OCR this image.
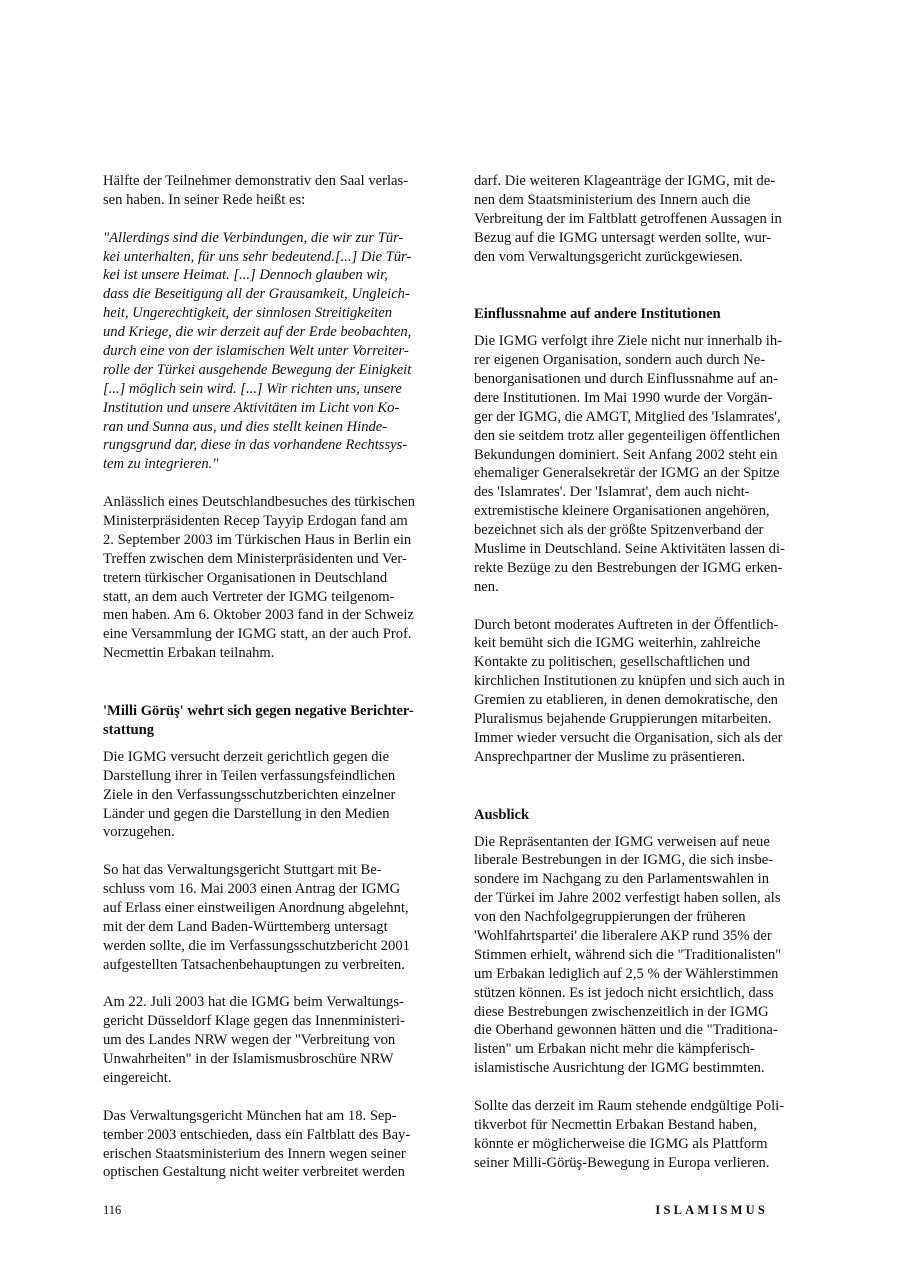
Hälfte der Teilnehmer demonstrativ den Saal verlas-
sen haben. In seiner Rede heißt es:
"Allerdings sind die Verbindungen, die wir zur Tür-
kei unterhalten, für uns sehr bedeutend.[...] Die Tür-
kei ist unsere Heimat. [...] Dennoch glauben wir,
dass die Beseitigung all der Grausamkeit, Ungleich-
heit, Ungerechtigkeit, der sinnlosen Streitigkeiten
und Kriege, die wir derzeit auf der Erde beobachten,
durch eine von der islamischen Welt unter Vorreiter-
rolle der Türkei ausgehende Bewegung der Einigkeit
[...] möglich sein wird. [...] Wir richten uns, unsere
Institution und unsere Aktivitäten im Licht von Ko-
ran und Sunna aus, und dies stellt keinen Hinde-
rungsgrund dar, diese in das vorhandene Rechtssys-
tem zu integrieren."
Anlässlich eines Deutschlandbesuches des türkischen
Ministerpräsidenten Recep Tayyip Erdogan fand am
2. September 2003 im Türkischen Haus in Berlin ein
Treffen zwischen dem Ministerpräsidenten und Ver-
tretern türkischer Organisationen in Deutschland
statt, an dem auch Vertreter der IGMG teilgenom-
men haben. Am 6. Oktober 2003 fand in der Schweiz
eine Versammlung der IGMG statt, an der auch Prof.
Necmettin Erbakan teilnahm.
'Milli Görüş' wehrt sich gegen negative Berichter-
stattung
Die IGMG versucht derzeit gerichtlich gegen die
Darstellung ihrer in Teilen verfassungsfeindlichen
Ziele in den Verfassungsschutzberichten einzelner
Länder und gegen die Darstellung in den Medien
vorzugehen.
So hat das Verwaltungsgericht Stuttgart mit Be-
schluss vom 16. Mai 2003 einen Antrag der IGMG
auf Erlass einer einstweiligen Anordnung abgelehnt,
mit der dem Land Baden-Württemberg untersagt
werden sollte, die im Verfassungsschutzbericht 2001
aufgestellten Tatsachenbehauptungen zu verbreiten.
Am 22. Juli 2003 hat die IGMG beim Verwaltungs-
gericht Düsseldorf Klage gegen das Innenministeri-
um des Landes NRW wegen der "Verbreitung von
Unwahrheiten" in der Islamismusbroschüre NRW
eingereicht.
Das Verwaltungsgericht München hat am 18. Sep-
tember 2003 entschieden, dass ein Faltblatt des Bay-
erischen Staatsministerium des Innern wegen seiner
optischen Gestaltung nicht weiter verbreitet werden
darf. Die weiteren Klageanträge der IGMG, mit de-
nen dem Staatsministerium des Innern auch die
Verbreitung der im Faltblatt getroffenen Aussagen in
Bezug auf die IGMG untersagt werden sollte, wur-
den vom Verwaltungsgericht zurückgewiesen.
Einflussnahme auf andere Institutionen
Die IGMG verfolgt ihre Ziele nicht nur innerhalb ih-
rer eigenen Organisation, sondern auch durch Ne-
benorganisationen und durch Einflussnahme auf an-
dere Institutionen. Im Mai 1990 wurde der Vorgän-
ger der IGMG, die AMGT, Mitglied des 'Islamrates',
den sie seitdem trotz aller gegenteiligen öffentlichen
Bekundungen dominiert. Seit Anfang 2002 steht ein
ehemaliger Generalsekretär der IGMG an der Spitze
des 'Islamrates'. Der 'Islamrat', dem auch nicht-
extremistische kleinere Organisationen angehören,
bezeichnet sich als der größte Spitzenverband der
Muslime in Deutschland. Seine Aktivitäten lassen di-
rekte Bezüge zu den Bestrebungen der IGMG erken-
nen.
Durch betont moderates Auftreten in der Öffentlich-
keit bemüht sich die IGMG weiterhin, zahlreiche
Kontakte zu politischen, gesellschaftlichen und
kirchlichen Institutionen zu knüpfen und sich auch in
Gremien zu etablieren, in denen demokratische, den
Pluralismus bejahende Gruppierungen mitarbeiten.
Immer wieder versucht die Organisation, sich als der
Ansprechpartner der Muslime zu präsentieren.
Ausblick
Die Repräsentanten der IGMG verweisen auf neue
liberale Bestrebungen in der IGMG, die sich insbe-
sondere im Nachgang zu den Parlamentswahlen in
der Türkei im Jahre 2002 verfestigt haben sollen, als
von den Nachfolgegruppierungen der früheren
'Wohlfahrtspartei' die liberalere AKP rund 35% der
Stimmen erhielt, während sich die "Traditionalisten"
um Erbakan lediglich auf 2,5 % der Wählerstimmen
stützen können. Es ist jedoch nicht ersichtlich, dass
diese Bestrebungen zwischenzeitlich in der IGMG
die Oberhand gewonnen hätten und die "Traditiona-
listen" um Erbakan nicht mehr die kämpferisch-
islamistische Ausrichtung der IGMG bestimmten.
Sollte das derzeit im Raum stehende endgültige Poli-
tikverbot für Necmettin Erbakan Bestand haben,
könnte er möglicherweise die IGMG als Plattform
seiner Milli-Görüş-Bewegung in Europa verlieren.
116	ISLAMISMUS
